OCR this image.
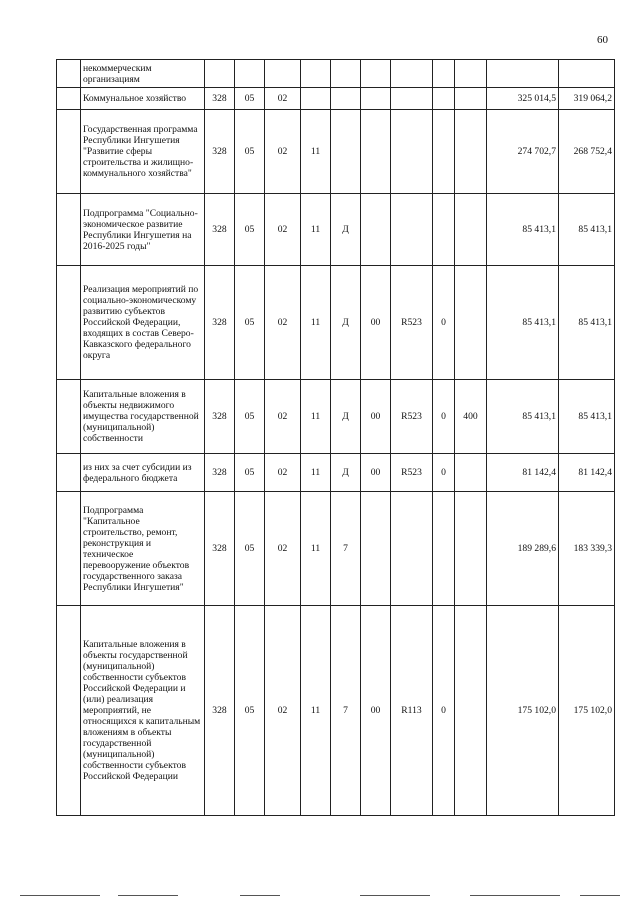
60
	некоммерческим организациям											
	Коммунальное хозяйство	328	05	02							325 014,5	319 064,2
	Государственная программа Республики Ингушетия "Развитие сферы строительства и жилищно-коммунального хозяйства"	328	05	02	11						274 702,7	268 752,4
	Подпрограмма "Социально-экономическое развитие Республики Ингушетия на 2016-2025 годы"	328	05	02	11	Д					85 413,1	85 413,1
	Реализация мероприятий по социально-экономическому развитию субъектов Российской Федерации, входящих в состав Северо-Кавказского федерального округа	328	05	02	11	Д	00	R523	0		85 413,1	85 413,1
	Капитальные вложения в объекты недвижимого имущества государственной (муниципальной) собственности	328	05	02	11	Д	00	R523	0	400	85 413,1	85 413,1
	из них за счет субсидии из федерального бюджета	328	05	02	11	Д	00	R523	0		81 142,4	81 142,4
	Подпрограмма "Капитальное строительство, ремонт, реконструкция и техническое перевооружение объектов государственного заказа Республики Ингушетия"	328	05	02	11	7					189 289,6	183 339,3
	Капитальные вложения в объекты государственной (муниципальной) собственности субъектов Российской Федерации и (или) реализация мероприятий, не относящихся к капитальным вложениям в объекты государственной (муниципальной) собственности субъектов Российской Федерации	328	05	02	11	7	00	R113	0		175 102,0	175 102,0
